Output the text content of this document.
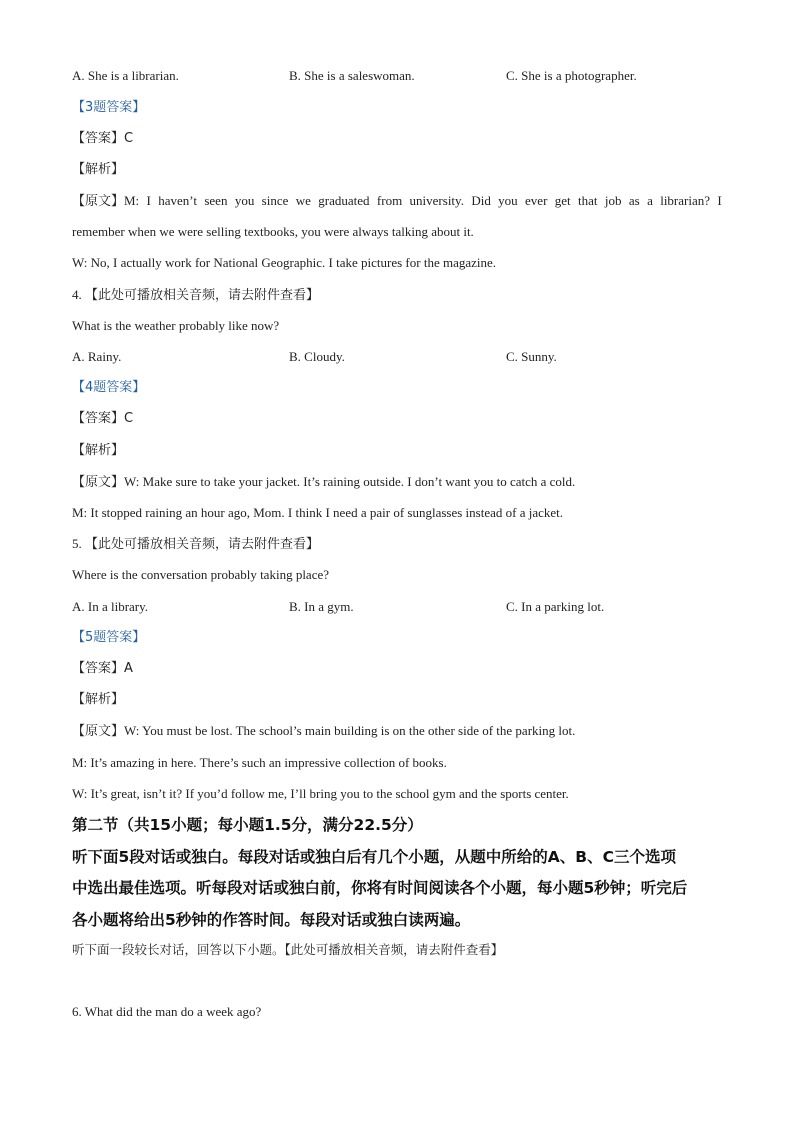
A. She is a librarian.	B. She is a saleswoman.	C. She is a photographer.
【3题答案】
【答案】C
【解析】
【原文】M: I haven’t seen you since we graduated from university. Did you ever get that job as a librarian? I
remember when we were selling textbooks, you were always talking about it.
W: No, I actually work for National Geographic. I take pictures for the magazine.
4. 【此处可播放相关音频，请去附件查看】
What is the weather probably like now?
A. Rainy.	B. Cloudy.	C. Sunny.
【4题答案】
【答案】C
【解析】
【原文】W: Make sure to take your jacket. It’s raining outside. I don’t want you to catch a cold.
M: It stopped raining an hour ago, Mom. I think I need a pair of sunglasses instead of a jacket.
5. 【此处可播放相关音频，请去附件查看】
Where is the conversation probably taking place?
A. In a library.	B. In a gym.	C. In a parking lot.
【5题答案】
【答案】A
【解析】
【原文】W: You must be lost. The school’s main building is on the other side of the parking lot.
M: It’s amazing in here. There’s such an impressive collection of books.
W: It’s great, isn’t it? If you’d follow me, I’ll bring you to the school gym and the sports center.
第二节（共15小题；每小题1.5分，满分22.5分）
听下面5段对话或独白。每段对话或独白后有几个小题，从题中所给的A、B、C三个选项
中选出最佳选项。听每段对话或独白前，你将有时间阅读各个小题，每小题5秒钟；听完后
各小题将给出5秒钟的作答时间。每段对话或独白读两遍。
听下面一段较长对话，回答以下小题。【此处可播放相关音频，请去附件查看】
6. What did the man do a week ago?
